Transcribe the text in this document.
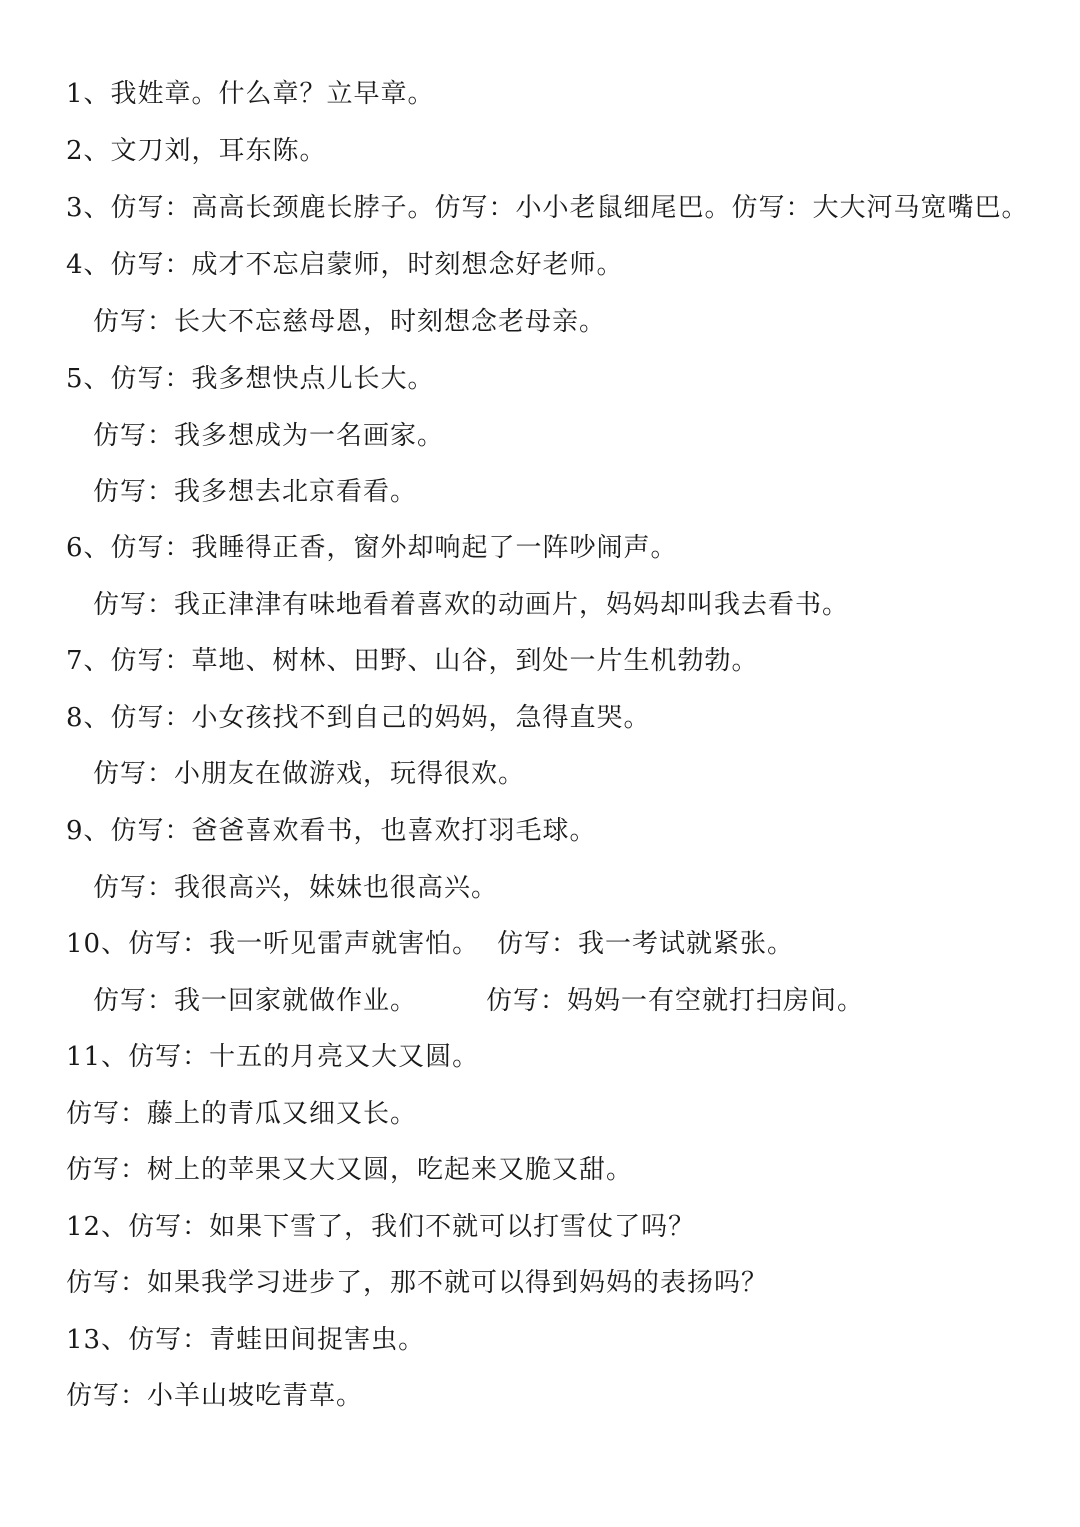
1、我姓章。什么章？立早章。
2、文刀刘，耳东陈。
3、仿写：高高长颈鹿长脖子。仿写：小小老鼠细尾巴。仿写：大大河马宽嘴巴。
4、仿写：成才不忘启蒙师，时刻想念好老师。
仿写：长大不忘慈母恩，时刻想念老母亲。
5、仿写：我多想快点儿长大。
仿写：我多想成为一名画家。
仿写：我多想去北京看看。
6、仿写：我睡得正香，窗外却响起了一阵吵闹声。
仿写：我正津津有味地看着喜欢的动画片，妈妈却叫我去看书。
7、仿写：草地、树林、田野、山谷，到处一片生机勃勃。
8、仿写：小女孩找不到自己的妈妈，急得直哭。
仿写：小朋友在做游戏，玩得很欢。
9、仿写：爸爸喜欢看书，也喜欢打羽毛球。
仿写：我很高兴，妹妹也很高兴。
10、仿写：我一听见雷声就害怕。 仿写：我一考试就紧张。
仿写：我一回家就做作业。	仿写：妈妈一有空就打扫房间。
11、仿写：十五的月亮又大又圆。
仿写：藤上的青瓜又细又长。
仿写：树上的苹果又大又圆，吃起来又脆又甜。
12、仿写：如果下雪了，我们不就可以打雪仗了吗？
仿写：如果我学习进步了，那不就可以得到妈妈的表扬吗？
13、仿写：青蛙田间捉害虫。
仿写：小羊山坡吃青草。
